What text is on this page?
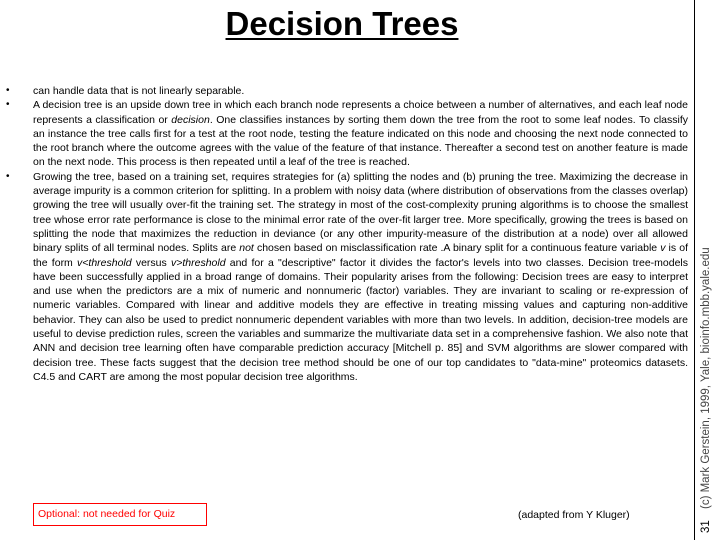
Decision Trees
•	can handle data that is not linearly separable.
•	A decision tree is an upside down tree in which each branch node represents a choice between a number of alternatives, and each leaf node represents a classification or decision. One classifies instances by sorting them down the tree from the root to some leaf nodes. To classify an instance the tree calls first for a test at the root node, testing the feature indicated on this node and choosing the next node connected to the root branch where the outcome agrees with the value of the feature of that instance. Thereafter a second test on another feature is made on the next node. This process is then repeated until a leaf of the tree is reached.
•	Growing the tree, based on a training set, requires strategies for (a) splitting the nodes and (b) pruning the tree. Maximizing the decrease in average impurity is a common criterion for splitting. In a problem with noisy data (where distribution of observations from the classes overlap) growing the tree will usually over-fit the training set. The strategy in most of the cost-complexity pruning algorithms is to choose the smallest tree whose error rate performance is close to the minimal error rate of the over-fit larger tree. More specifically, growing the trees is based on splitting the node that maximizes the reduction in deviance (or any other impurity-measure of the distribution at a node) over all allowed binary splits of all terminal nodes. Splits are not chosen based on misclassification rate .A binary split for a continuous feature variable v is of the form v<threshold versus v>threshold and for a "descriptive" factor it divides the factor's levels into two classes. Decision tree-models have been successfully applied in a broad range of domains. Their popularity arises from the following: Decision trees are easy to interpret and use when the predictors are a mix of numeric and nonnumeric (factor) variables. They are invariant to scaling or re-expression of numeric variables. Compared with linear and additive models they are effective in treating missing values and capturing non-additive behavior. They can also be used to predict nonnumeric dependent variables with more than two levels. In addition, decision-tree models are useful to devise prediction rules, screen the variables and summarize the multivariate data set in a comprehensive fashion. We also note that ANN and decision tree learning often have comparable prediction accuracy [Mitchell p. 85] and SVM algorithms are slower compared with decision tree. These facts suggest that the decision tree method should be one of our top candidates to "data-mine" proteomics datasets. C4.5 and CART are among the most popular decision tree algorithms.
Optional: not needed for Quiz	(adapted from Y Kluger)
31 (c) Mark Gerstein, 1999, Yale, bioinfo.mbb.yale.edu
